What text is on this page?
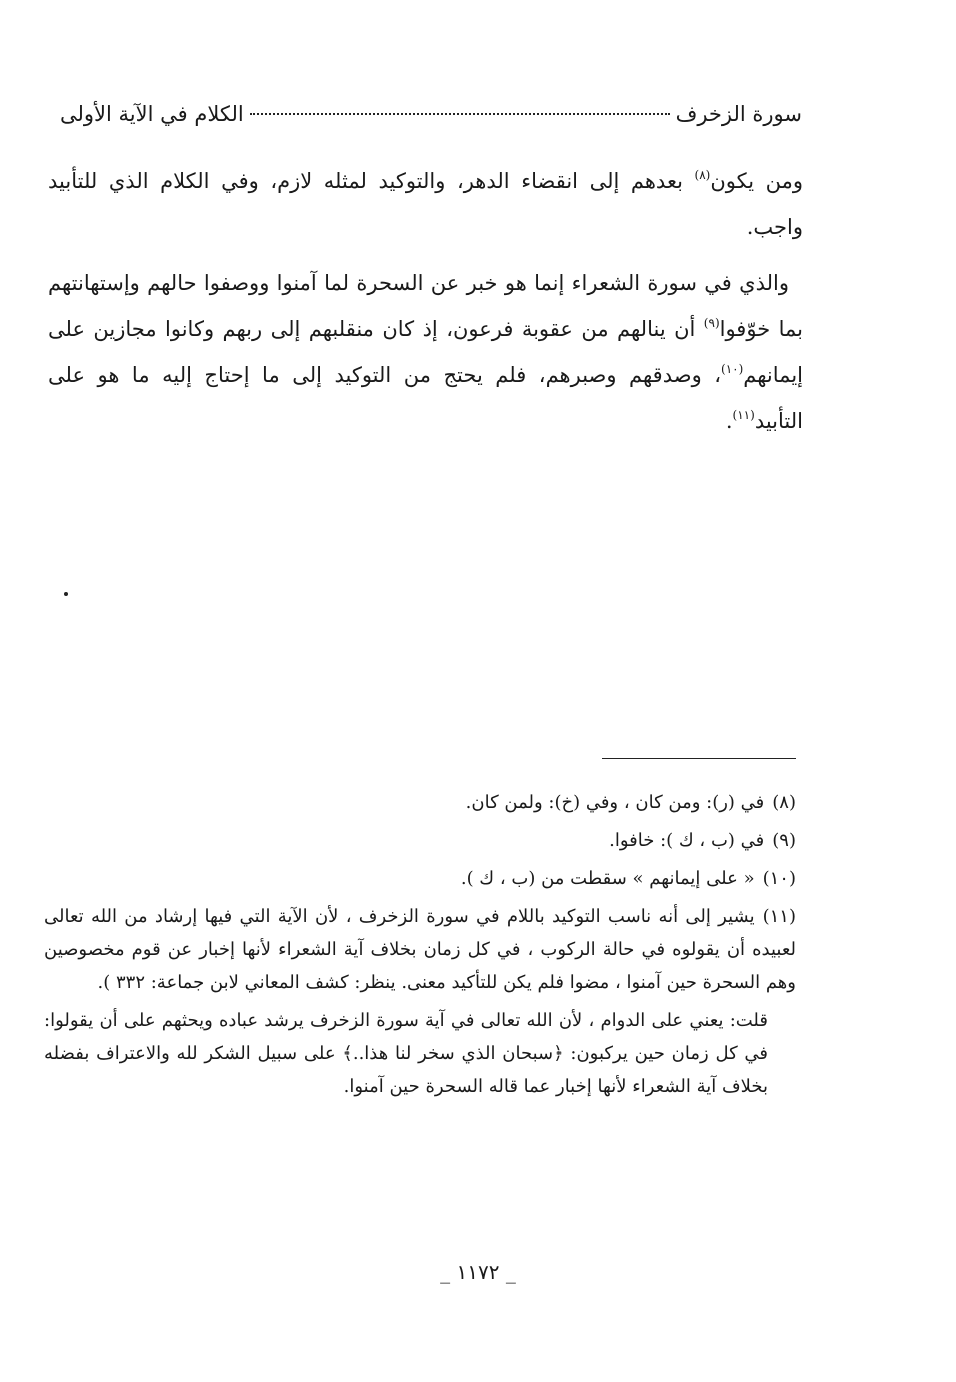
سورة الزخرف
الكلام في الآية الأولى

ومن يكون$^{(٨)}$ بعدهم إلى انقضاء الدهر، والتوكيد لمثله لازم، وفي الكلام الذي للتأبيد واجب.

والذي في سورة الشعراء إنما هو خبر عن السحرة لما آمنوا ووصفوا حالهم وإستهانتهم بما خوّفوا$^{(٩)}$ أن ينالهم من عقوبة فرعون، إذ كان منقلبهم إلى ربهم وكانوا مجازين على إيمانهم$^{(١٠)}$، وصدقهم وصبرهم، فلم يحتج من التوكيد إلى ما إحتاج إليه ما هو على التأبيد$^{(١١)}$.

(٨)في (ر): ومن كان ، وفي (خ): ولمن كان.
(٩)في (ب ، ك ): خافوا.
(١٠)« على إيمانهم » سقطت من (ب ، ك ).
(١١)يشير إلى أنه ناسب التوكيد باللام في سورة الزخرف ، لأن الآية التي فيها إرشاد من الله تعالى لعبيده أن يقولوه في حالة الركوب ، في كل زمان بخلاف آية الشعراء لأنها إخبار عن قوم مخصوصين وهم السحرة حين آمنوا ، مضوا فلم يكن للتأكيد معنى. ينظر: كشف المعاني لابن جماعة: ٣٣٢ ).

قلت: يعني على الدوام ، لأن الله تعالى في آية سورة الزخرف يرشد عباده ويحثهم على أن يقولوا: في كل زمان حين يركبون: ﴿سبحان الذي سخر لنا هذا..﴾ على سبيل الشكر لله والاعتراف بفضله بخلاف آية الشعراء لأنها إخبار عما قاله السحرة حين آمنوا.

_ ١١٧٢ _
